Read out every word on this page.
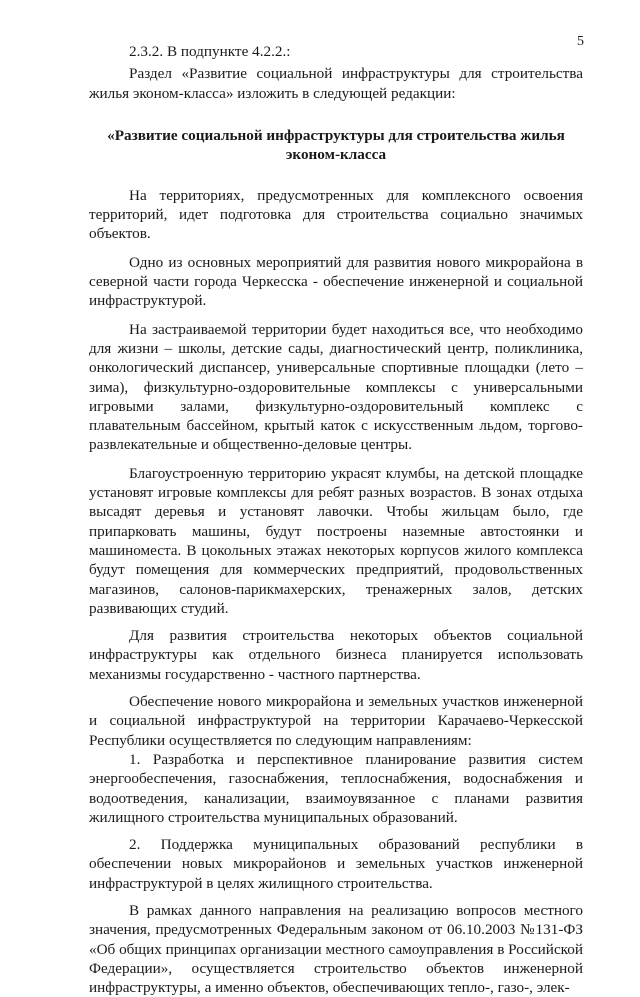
5

2.3.2. В подпункте 4.2.2.:

Раздел «Развитие социальной инфраструктуры для строительства жилья эконом-класса» изложить в следующей редакции:

«Развитие социальной инфраструктуры для строительства жилья эконом-класса

На территориях, предусмотренных для комплексного освоения территорий, идет подготовка для строительства социально значимых объектов.

Одно из основных мероприятий для развития нового микрорайона в северной части города Черкесска - обеспечение инженерной и социальной инфраструктурой.

На застраиваемой территории будет находиться все, что необходимо для жизни – школы, детские сады, диагностический центр, поликлиника, онкологический диспансер, универсальные спортивные площадки (лето – зима), физкультурно-оздоровительные комплексы с универсальными игровыми залами, физкультурно-оздоровительный комплекс с плавательным бассейном, крытый каток с искусственным льдом, торгово-развлекательные и общественно-деловые центры.

Благоустроенную территорию украсят клумбы, на детской площадке установят игровые комплексы для ребят разных возрастов. В зонах отдыха высадят деревья и установят лавочки. Чтобы жильцам было, где припарковать машины, будут построены наземные автостоянки и машиноместа. В цокольных этажах некоторых корпусов жилого комплекса будут помещения для коммерческих предприятий, продовольственных магазинов, салонов-парикмахерских, тренажерных залов, детских развивающих студий.

Для развития строительства некоторых объектов социальной инфраструктуры как отдельного бизнеса планируется использовать механизмы государственно - частного партнерства.

Обеспечение нового микрорайона и земельных участков инженерной и социальной инфраструктурой на территории Карачаево-Черкесской Республики осуществляется по следующим направлениям:

1. Разработка и перспективное планирование развития систем энергообеспечения, газоснабжения, теплоснабжения, водоснабжения и водоотведения, канализации, взаимоувязанное с планами развития жилищного строительства муниципальных образований.

2. Поддержка муниципальных образований республики в обеспечении новых микрорайонов и земельных участков инженерной инфраструктурой в целях жилищного строительства.

В рамках данного направления на реализацию вопросов местного значения, предусмотренных Федеральным законом от 06.10.2003 №131-ФЗ «Об общих принципах организации местного самоуправления в Российской Федерации», осуществляется строительство объектов инженерной инфраструктуры, а именно объектов, обеспечивающих тепло-, газо-, элек-
